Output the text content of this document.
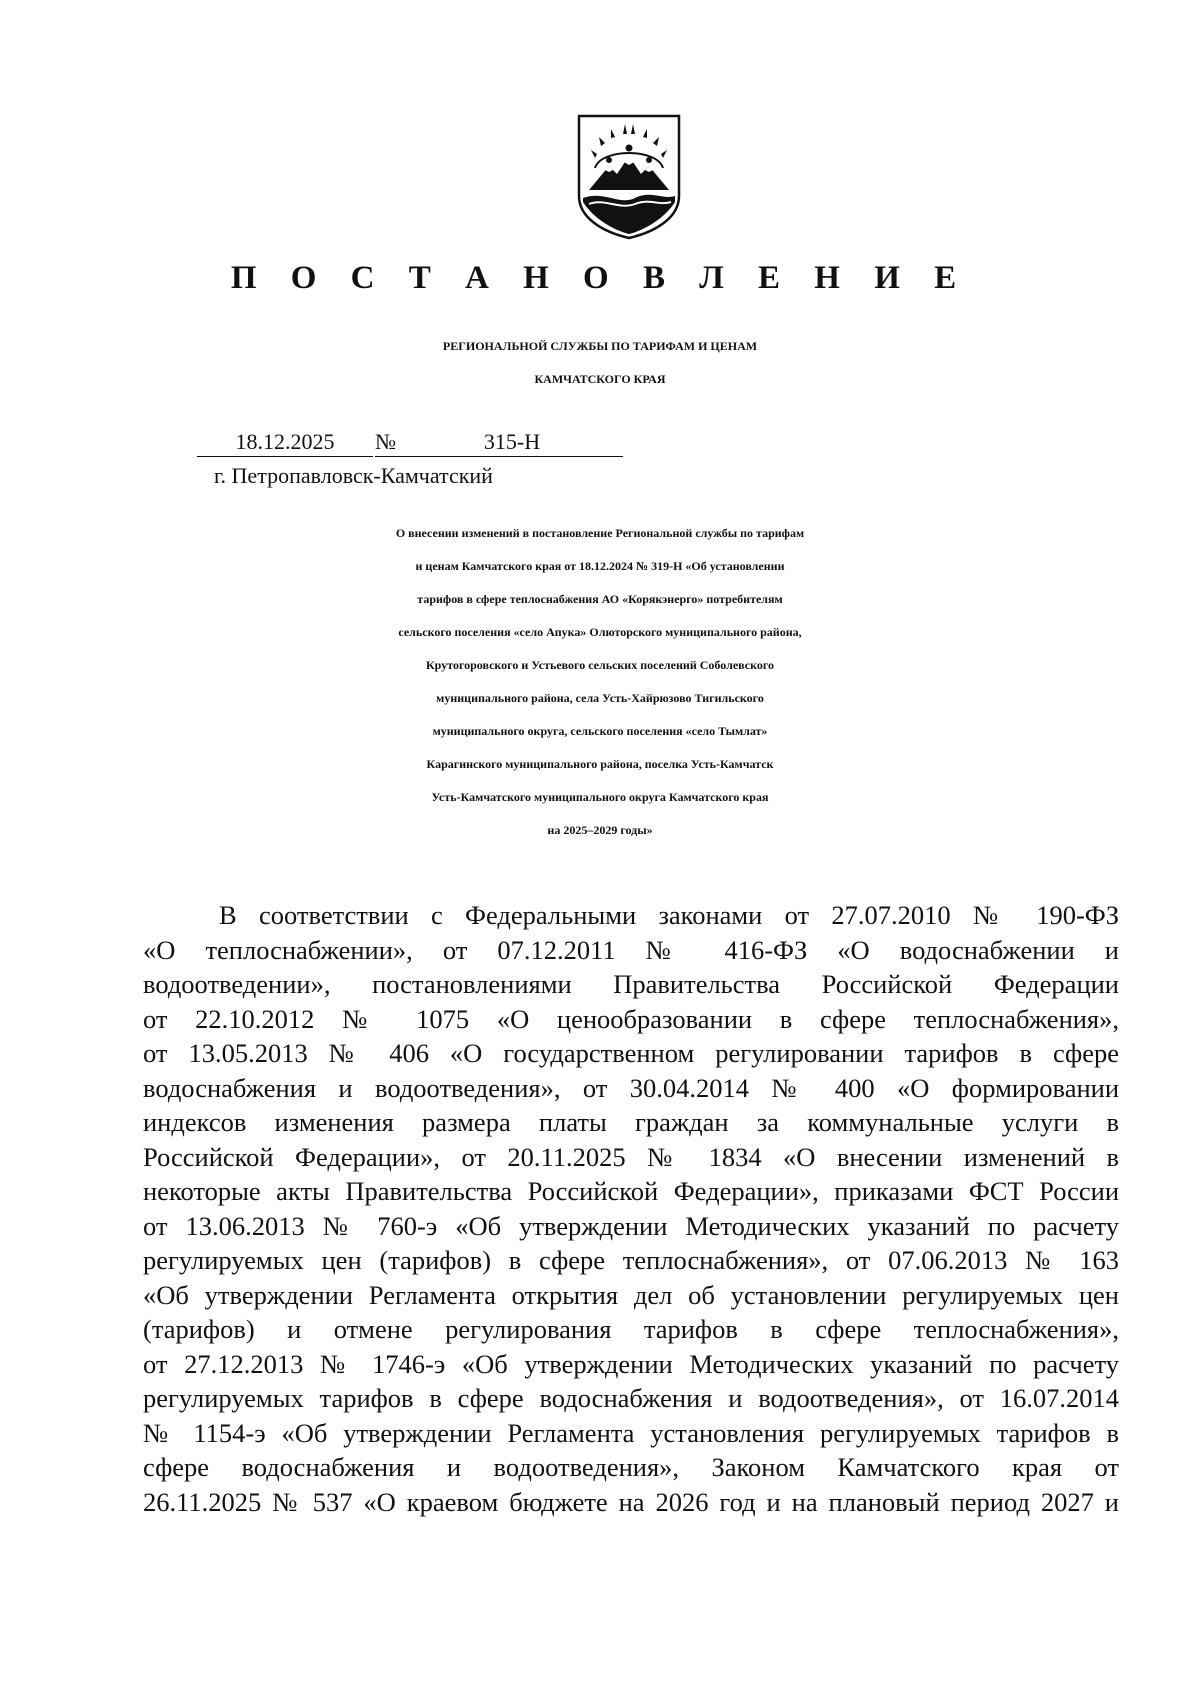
П О С Т А Н О В Л Е Н И Е
РЕГИОНАЛЬНОЙ СЛУЖБЫ ПО ТАРИФАМ И ЦЕНАМ
КАМЧАТСКОГО КРАЯ
18.12.2025	№	315-Н
г. Петропавловск-Камчатский
О внесении изменений в постановление Региональной службы по тарифам
и ценам Камчатского края от 18.12.2024 № 319-Н «Об установлении
тарифов в сфере теплоснабжения АО «Корякэнерго» потребителям
сельского поселения «село Апука» Олюторского муниципального района,
Крутогоровского и Устьевого сельских поселений Соболевского
муниципального района, села Усть-Хайрюзово Тигильского
муниципального округа, сельского поселения «село Тымлат»
Карагинского муниципального района, поселка Усть-Камчатск
Усть-Камчатского муниципального округа Камчатского края
на 2025–2029 годы»
В соответствии с Федеральными законами от 27.07.2010 № 190-ФЗ
«О теплоснабжении», от 07.12.2011 № 416-ФЗ «О водоснабжении и
водоотведении», постановлениями Правительства Российской Федерации
от 22.10.2012 № 1075 «О ценообразовании в сфере теплоснабжения»,
от 13.05.2013 № 406 «О государственном регулировании тарифов в сфере
водоснабжения и водоотведения», от 30.04.2014 № 400 «О формировании
индексов изменения размера платы граждан за коммунальные услуги в
Российской Федерации», от 20.11.2025 № 1834 «О внесении изменений в
некоторые акты Правительства Российской Федерации», приказами ФСТ России
от 13.06.2013 № 760-э «Об утверждении Методических указаний по расчету
регулируемых цен (тарифов) в сфере теплоснабжения», от 07.06.2013 № 163
«Об утверждении Регламента открытия дел об установлении регулируемых цен
(тарифов) и отмене регулирования тарифов в сфере теплоснабжения»,
от 27.12.2013 № 1746-э «Об утверждении Методических указаний по расчету
регулируемых тарифов в сфере водоснабжения и водоотведения», от 16.07.2014
№ 1154-э «Об утверждении Регламента установления регулируемых тарифов в
сфере водоснабжения и водоотведения», Законом Камчатского края от
26.11.2025 № 537 «О краевом бюджете на 2026 год и на плановый период 2027 и
